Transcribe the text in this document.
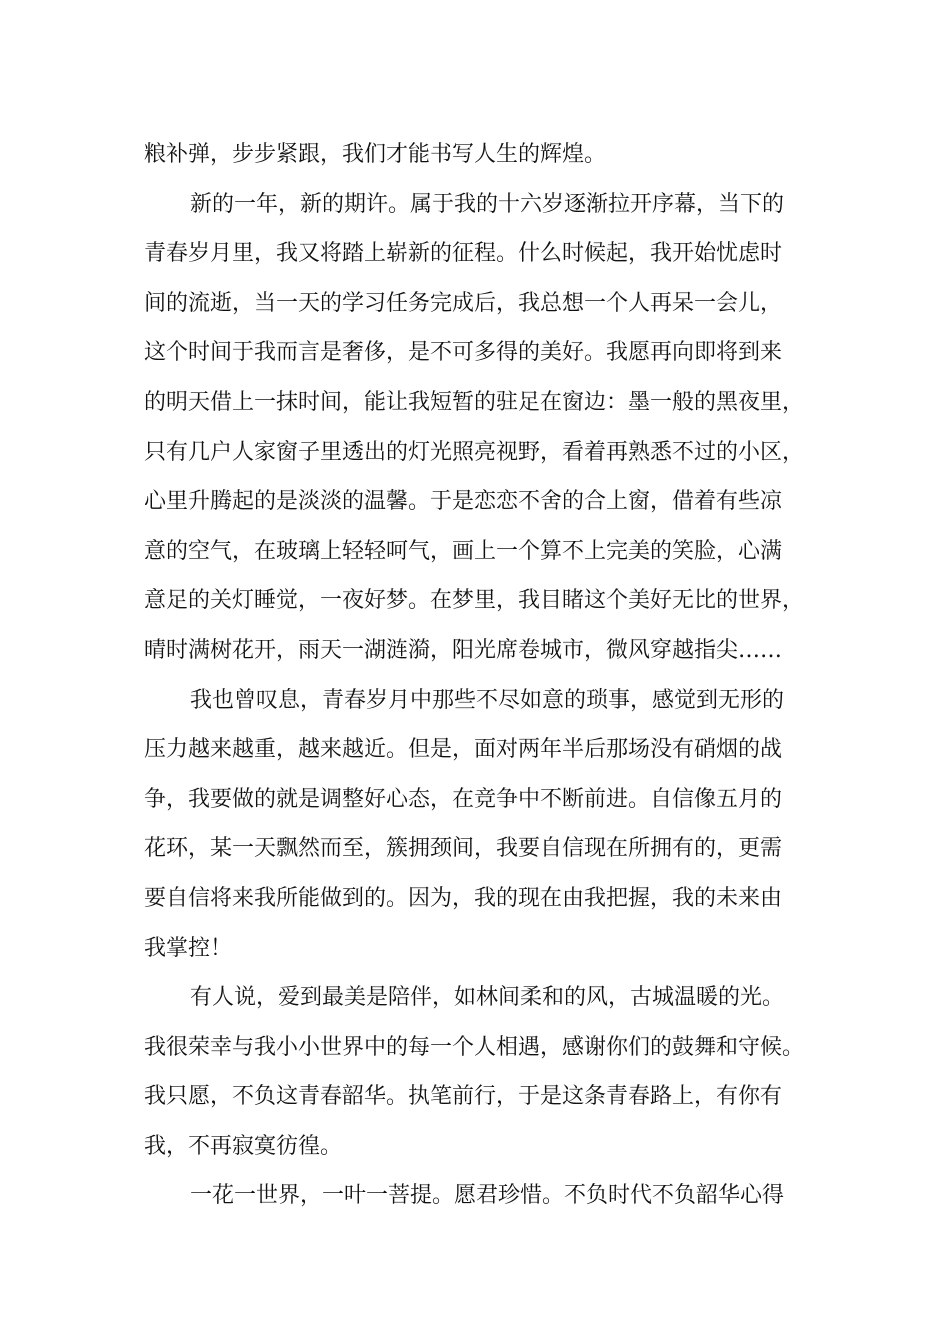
粮补弹，步步紧跟，我们才能书写人生的辉煌。
新的一年，新的期许。属于我的十六岁逐渐拉开序幕，当下的
青春岁月里，我又将踏上崭新的征程。什么时候起，我开始忧虑时
间的流逝，当一天的学习任务完成后，我总想一个人再呆一会儿，
这个时间于我而言是奢侈，是不可多得的美好。我愿再向即将到来
的明天借上一抹时间，能让我短暂的驻足在窗边：墨一般的黑夜里，
只有几户人家窗子里透出的灯光照亮视野，看着再熟悉不过的小区，
心里升腾起的是淡淡的温馨。于是恋恋不舍的合上窗，借着有些凉
意的空气，在玻璃上轻轻呵气，画上一个算不上完美的笑脸，心满
意足的关灯睡觉，一夜好梦。在梦里，我目睹这个美好无比的世界，
晴时满树花开，雨天一湖涟漪，阳光席卷城市，微风穿越指尖……
我也曾叹息，青春岁月中那些不尽如意的琐事，感觉到无形的
压力越来越重，越来越近。但是，面对两年半后那场没有硝烟的战
争，我要做的就是调整好心态，在竞争中不断前进。自信像五月的
花环，某一天飘然而至，簇拥颈间，我要自信现在所拥有的，更需
要自信将来我所能做到的。因为，我的现在由我把握，我的未来由
我掌控！
有人说，爱到最美是陪伴，如林间柔和的风，古城温暖的光。
我很荣幸与我小小世界中的每一个人相遇，感谢你们的鼓舞和守候。
我只愿，不负这青春韶华。执笔前行，于是这条青春路上，有你有
我，不再寂寞彷徨。
一花一世界，一叶一菩提。愿君珍惜。不负时代不负韶华心得
